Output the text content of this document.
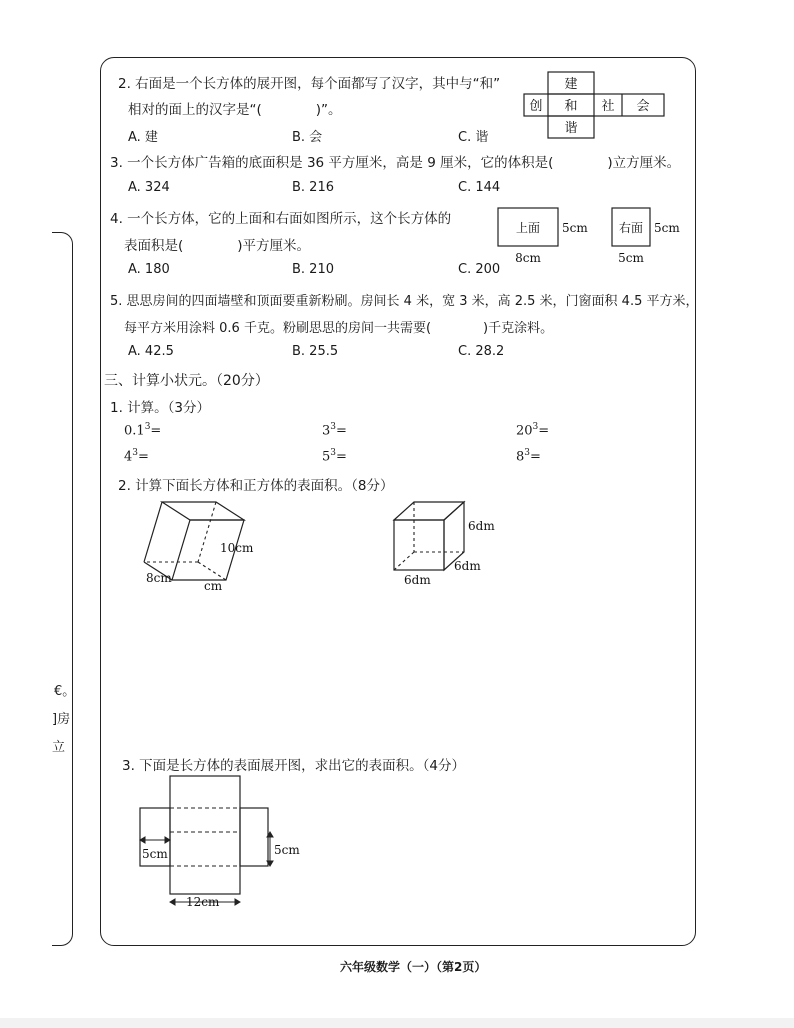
€。
]房
立
2. 右面是一个长方体的展开图，每个面都写了汉字，其中与“和”
相对的面上的汉字是“(　　　　)”。
A. 建	B. 会	C. 谐
建
创 和 社 会
谐
3. 一个长方体广告箱的底面积是 36 平方厘米，高是 9 厘米，它的体积是(　　　　)立方厘米。
A. 324	B. 216	C. 144
4. 一个长方体，它的上面和右面如图所示，这个长方体的
表面积是(　　　　)平方厘米。
A. 180	B. 210	C. 200
上面 5cm
8cm
右面 5cm
5cm
5. 思思房间的四面墙壁和顶面要重新粉刷。房间长 4 米，宽 3 米，高 2.5 米，门窗面积 4.5 平方米，
每平方米用涂料 0.6 千克。粉刷思思的房间一共需要(　　　　)千克涂料。
A. 42.5	B. 25.5	C. 28.2
三、计算小状元。（20分）
1. 计算。（3分）
$0.1^3=$	$3^3=$	$20^3=$
$4^3=$	$5^3=$	$8^3=$
2. 计算下面长方体和正方体的表面积。（8分）
10cm
8cm
cm
6dm
6dm
6dm
3. 下面是长方体的表面展开图，求出它的表面积。（4分）
5cm	5cm
12cm
六年级数学（一）（第2页）
